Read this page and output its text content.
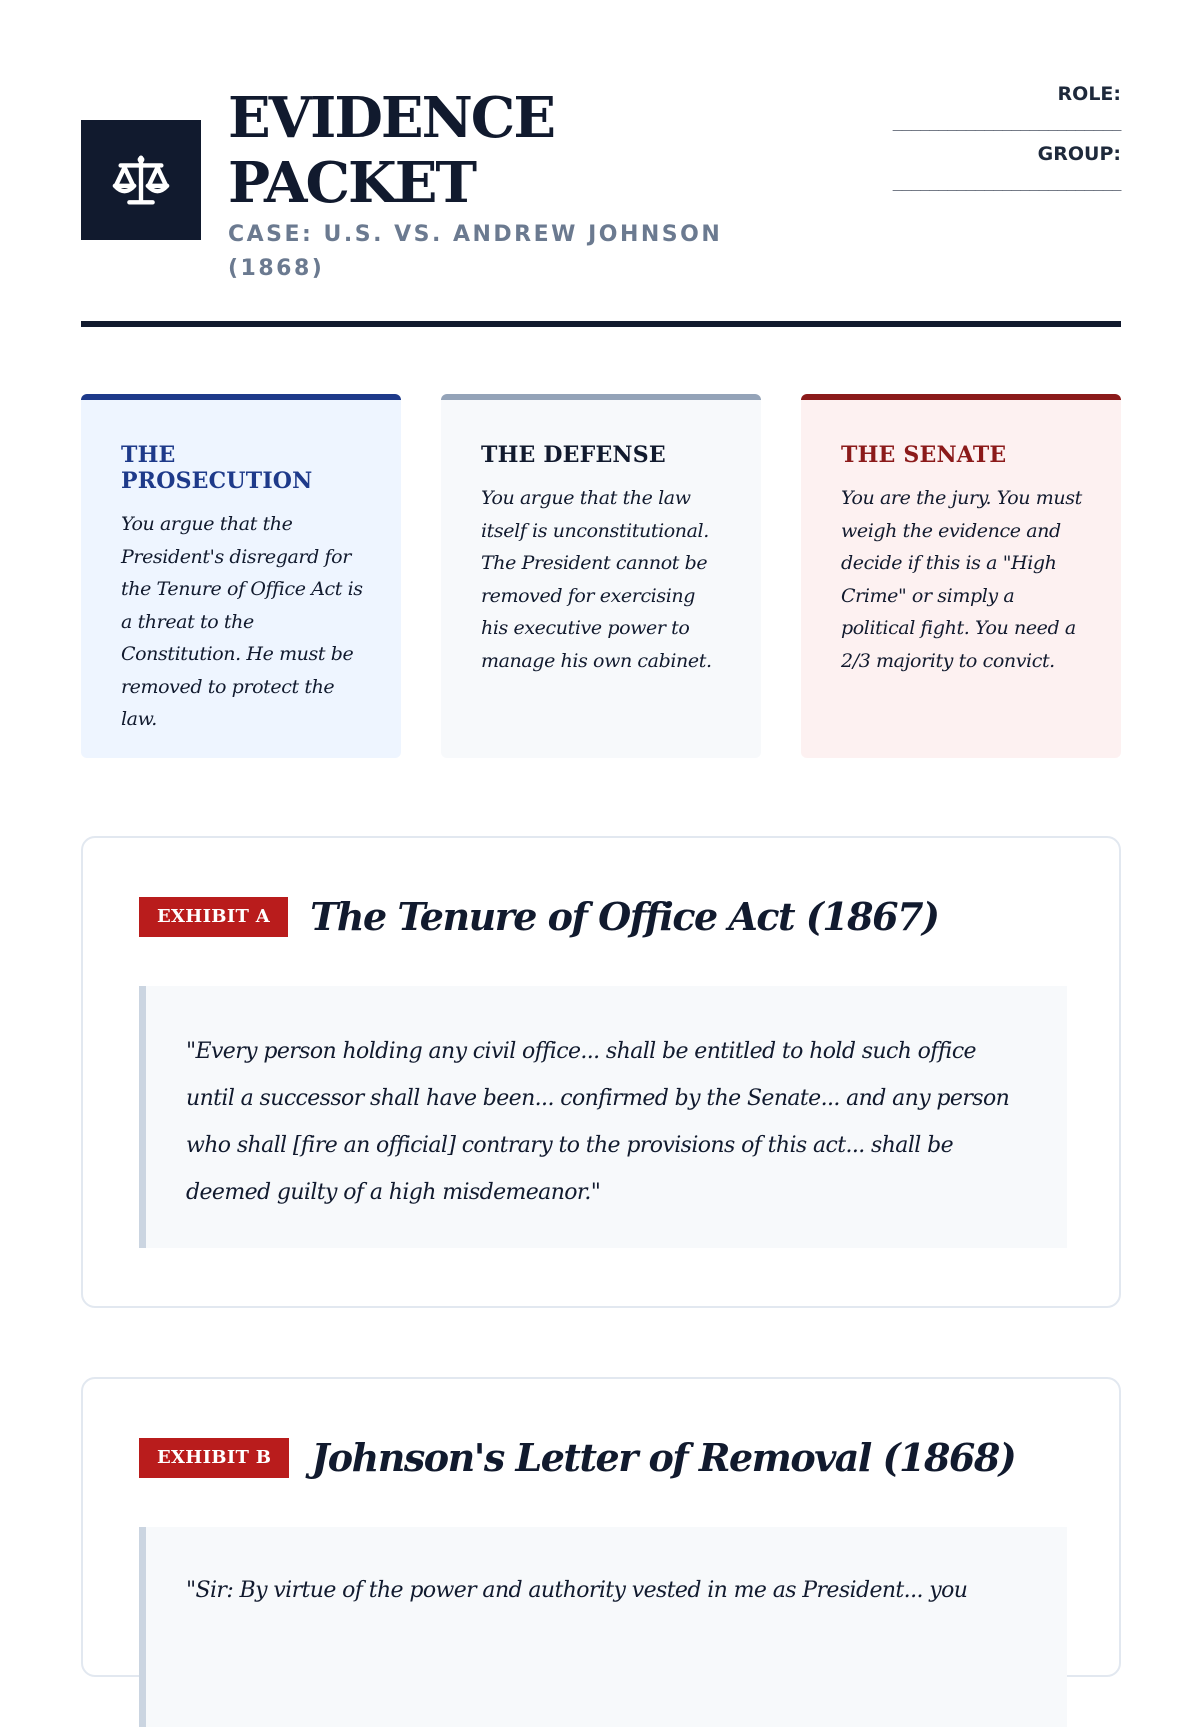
EVIDENCE
PACKET
CASE: U.S. VS. ANDREW JOHNSON (1868)
ROLE:
_________________________
GROUP:
_________________________
THE PROSECUTION
You argue that the President's disregard for the Tenure of Office Act is a threat to the Constitution. He must be removed to protect the law.
THE DEFENSE
You argue that the law itself is unconstitutional. The President cannot be removed for exercising his executive power to manage his own cabinet.
THE SENATE
You are the jury. You must weigh the evidence and decide if this is a "High Crime" or simply a political fight. You need a 2/3 majority to convict.
EXHIBIT A	The Tenure of Office Act (1867)
"Every person holding any civil office... shall be entitled to hold such office until a successor shall have been... confirmed by the Senate... and any person who shall [fire an official] contrary to the provisions of this act... shall be deemed guilty of a high misdemeanor."
EXHIBIT B	Johnson's Letter of Removal (1868)
"Sir: By virtue of the power and authority vested in me as President... you
